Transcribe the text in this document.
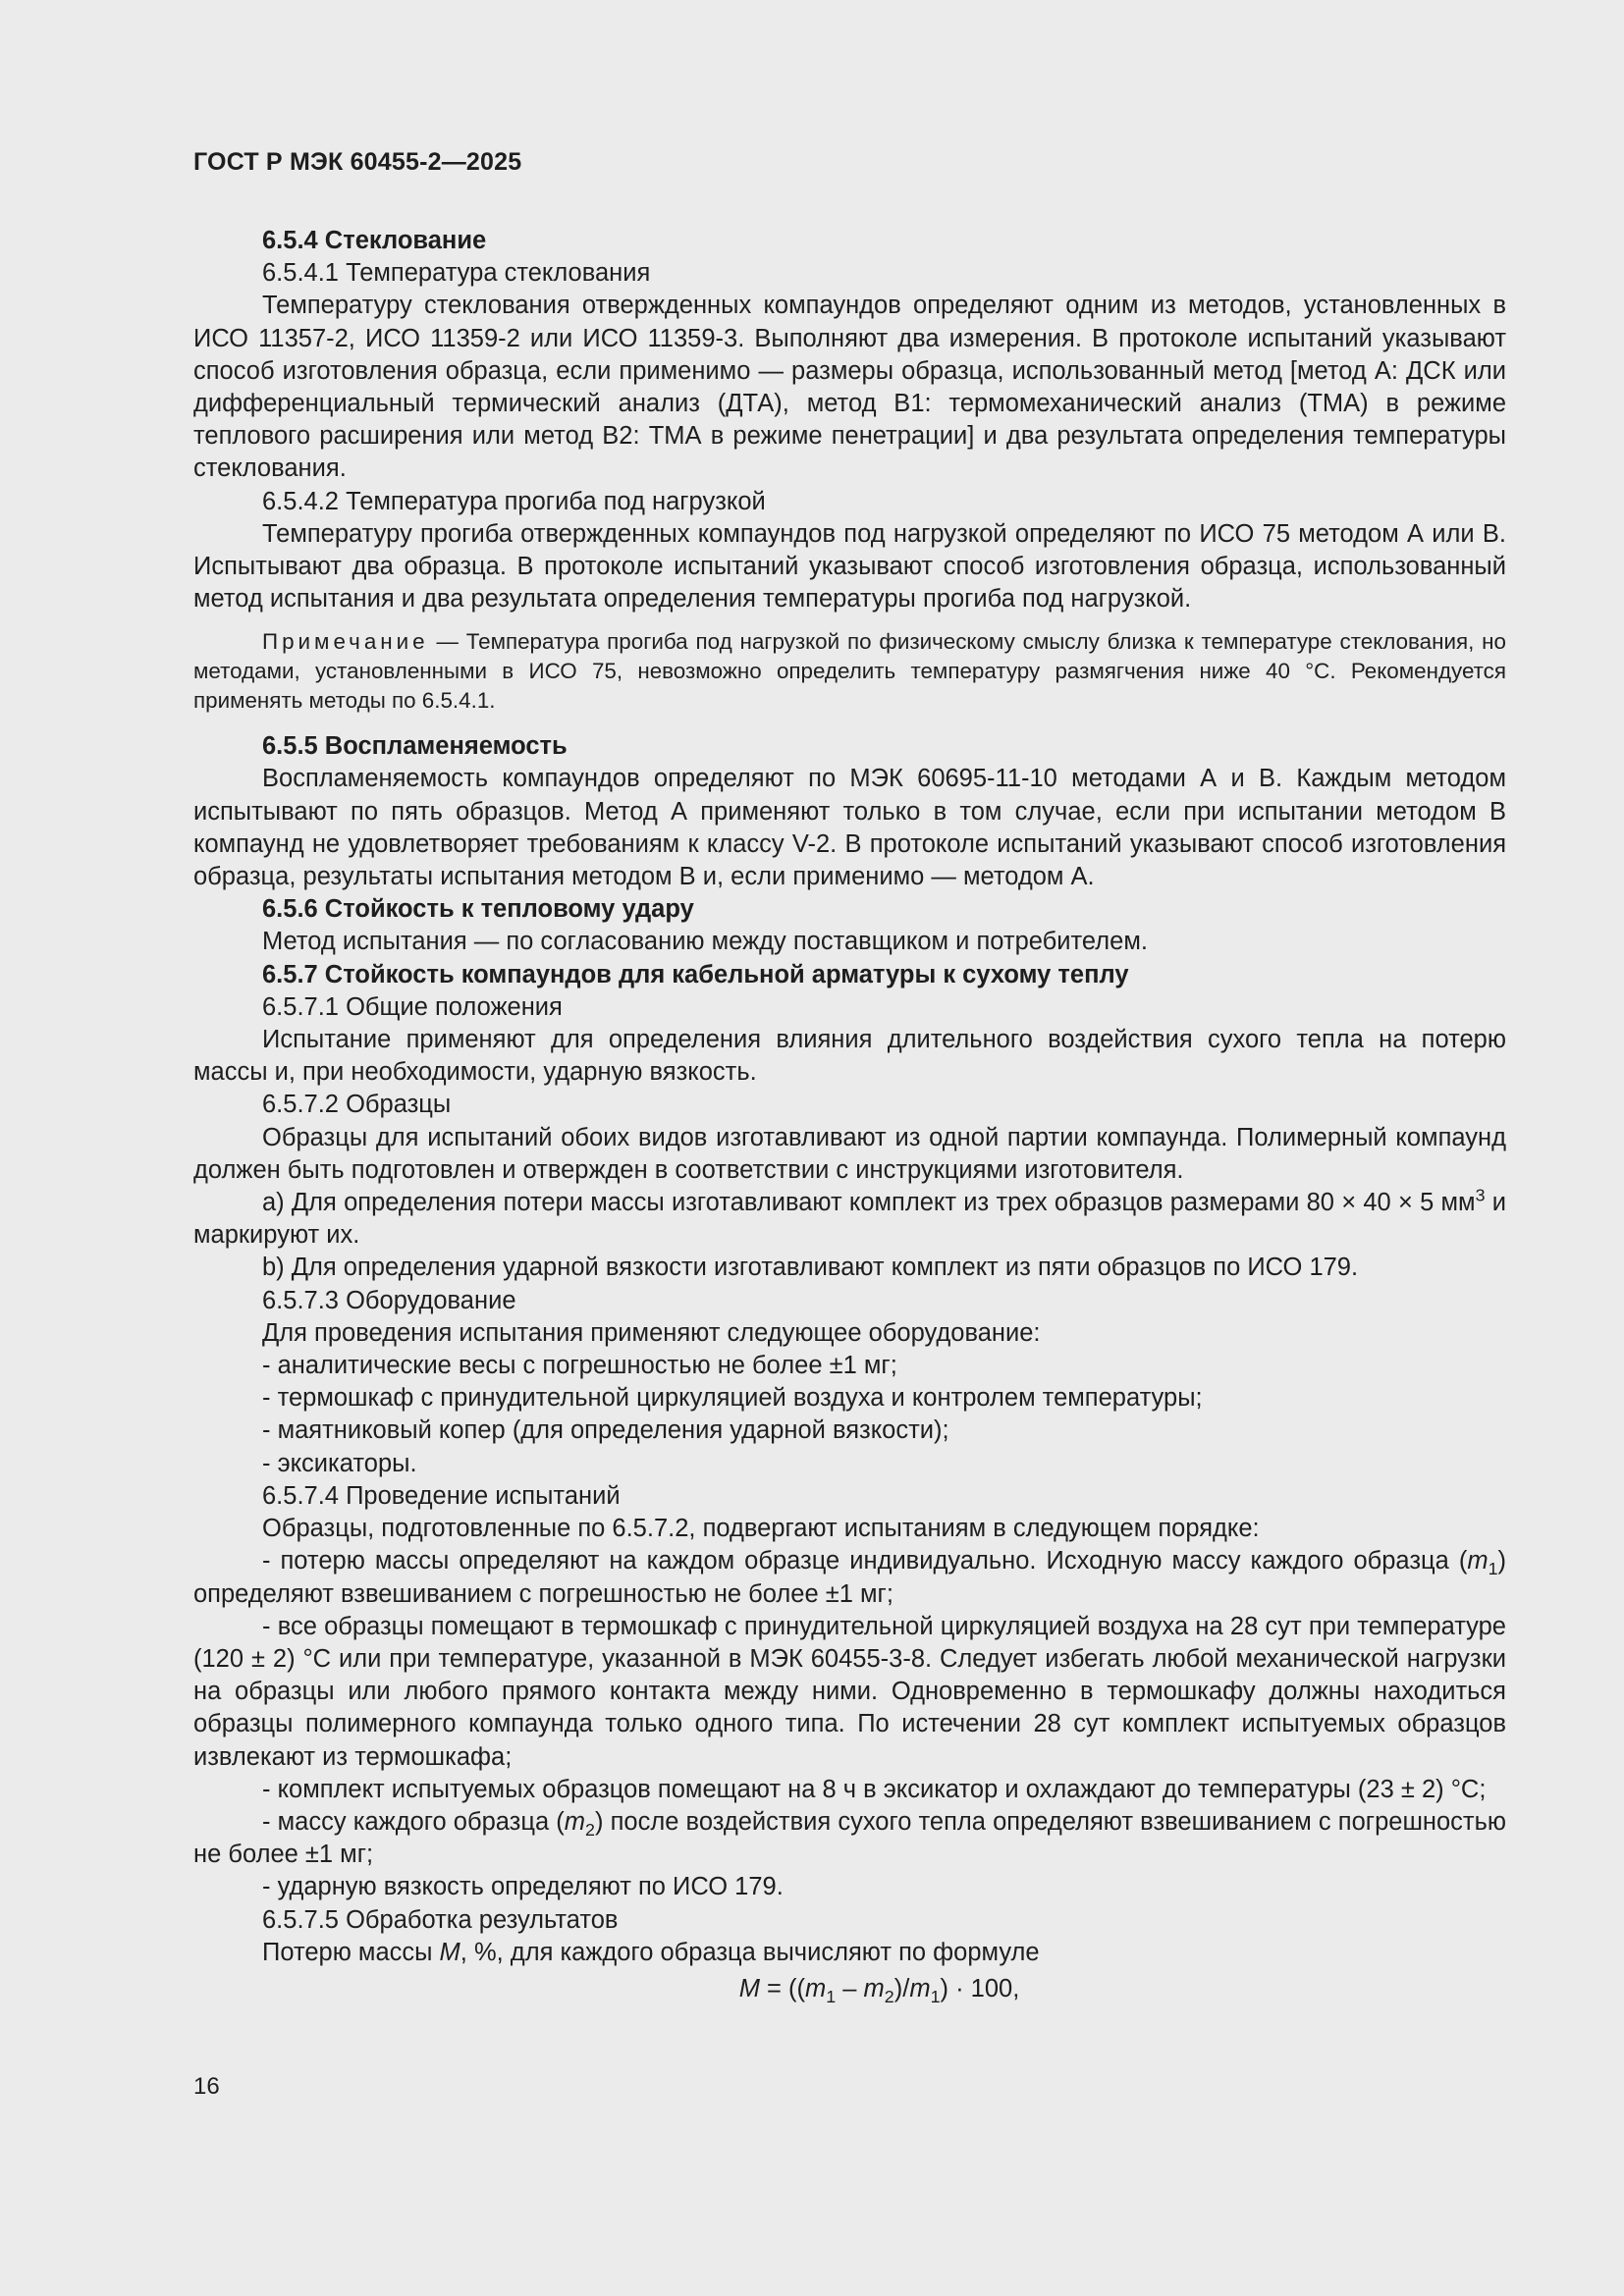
ГОСТ Р МЭК 60455-2—2025

6.5.4 Стеклование

6.5.4.1 Температура стеклования

Температуру стеклования отвержденных компаундов определяют одним из методов, установленных в ИСО 11357-2, ИСО 11359-2 или ИСО 11359-3. Выполняют два измерения. В протоколе испытаний указывают способ изготовления образца, если применимо — размеры образца, использованный метод [метод А: ДСК или дифференциальный термический анализ (ДТА), метод В1: термомеханический анализ (ТМА) в режиме теплового расширения или метод В2: ТМА в режиме пенетрации] и два результата определения температуры стеклования.

6.5.4.2 Температура прогиба под нагрузкой

Температуру прогиба отвержденных компаундов под нагрузкой определяют по ИСО 75 методом А или В. Испытывают два образца. В протоколе испытаний указывают способ изготовления образца, использованный метод испытания и два результата определения температуры прогиба под нагрузкой.

Примечание — Температура прогиба под нагрузкой по физическому смыслу близка к температуре стеклования, но методами, установленными в ИСО 75, невозможно определить температуру размягчения ниже 40 °С. Рекомендуется применять методы по 6.5.4.1.

6.5.5 Воспламеняемость

Воспламеняемость компаундов определяют по МЭК 60695-11-10 методами А и В. Каждым методом испытывают по пять образцов. Метод А применяют только в том случае, если при испытании методом В компаунд не удовлетворяет требованиям к классу V-2. В протоколе испытаний указывают способ изготовления образца, результаты испытания методом В и, если применимо — методом А.

6.5.6 Стойкость к тепловому удару

Метод испытания — по согласованию между поставщиком и потребителем.

6.5.7 Стойкость компаундов для кабельной арматуры к сухому теплу

6.5.7.1 Общие положения

Испытание применяют для определения влияния длительного воздействия сухого тепла на потерю массы и, при необходимости, ударную вязкость.

6.5.7.2 Образцы

Образцы для испытаний обоих видов изготавливают из одной партии компаунда. Полимерный компаунд должен быть подготовлен и отвержден в соответствии с инструкциями изготовителя.

а) Для определения потери массы изготавливают комплект из трех образцов размерами 80 × 40 × 5 $мм^3$ и маркируют их.

b) Для определения ударной вязкости изготавливают комплект из пяти образцов по ИСО 179.

6.5.7.3 Оборудование

Для проведения испытания применяют следующее оборудование:

- аналитические весы с погрешностью не более ±1 мг;

- термошкаф с принудительной циркуляцией воздуха и контролем температуры;

- маятниковый копер (для определения ударной вязкости);

- эксикаторы.

6.5.7.4 Проведение испытаний

Образцы, подготовленные по 6.5.7.2, подвергают испытаниям в следующем порядке:

- потерю массы определяют на каждом образце индивидуально. Исходную массу каждого образца $(m_1)$ определяют взвешиванием с погрешностью не более ±1 мг;

- все образцы помещают в термошкаф с принудительной циркуляцией воздуха на 28 сут при температуре (120 ± 2) °С или при температуре, указанной в МЭК 60455-3-8. Следует избегать любой механической нагрузки на образцы или любого прямого контакта между ними. Одновременно в термошкафу должны находиться образцы полимерного компаунда только одного типа. По истечении 28 сут комплект испытуемых образцов извлекают из термошкафа;

- комплект испытуемых образцов помещают на 8 ч в эксикатор и охлаждают до температуры (23 ± 2) °С;

- массу каждого образца $(m_2)$ после воздействия сухого тепла определяют взвешиванием с погрешностью не более ±1 мг;

- ударную вязкость определяют по ИСО 179.

6.5.7.5 Обработка результатов

Потерю массы М, %, для каждого образца вычисляют по формуле

$М = ((m_1 - m_2)/m_1) \cdot 100$,

16
